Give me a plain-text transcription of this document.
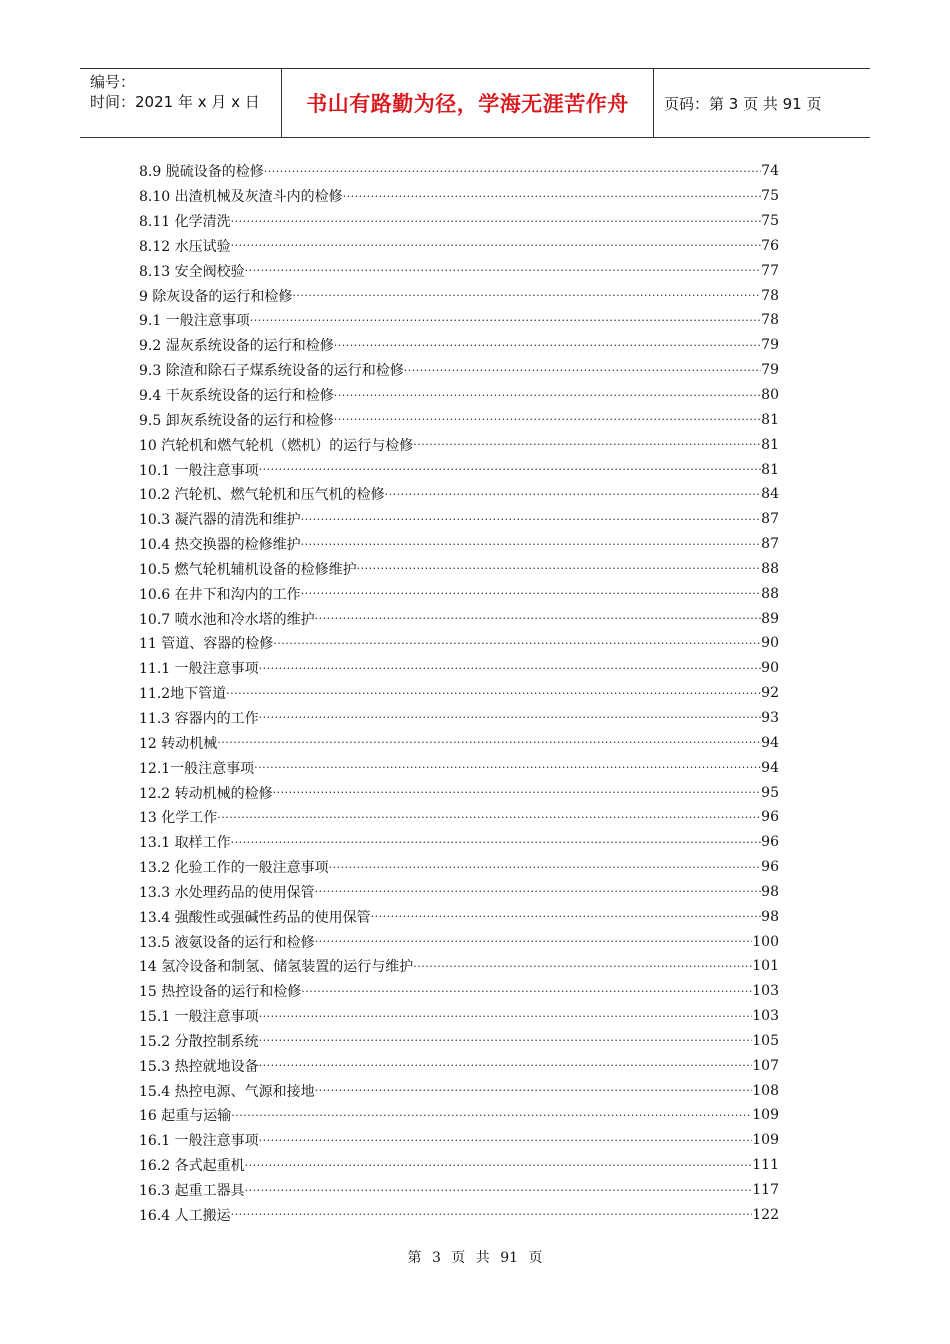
编号：
时间：2021 年 x 月 x 日	书山有路勤为径，学海无涯苦作舟	页码：第 3 页 共 91 页
8.9 脱硫设备的检修 ·····	74
8.10 出渣机械及灰渣斗内的检修 ·····	75
8.11 化学清洗 ·····	75
8.12 水压试验 ·····	76
8.13 安全阀校验 ·····	77
9 除灰设备的运行和检修 ·····	78
9.1 一般注意事项 ·····	78
9.2 湿灰系统设备的运行和检修 ·····	79
9.3 除渣和除石子煤系统设备的运行和检修 ·····	79
9.4 干灰系统设备的运行和检修 ·····	80
9.5 卸灰系统设备的运行和检修 ·····	81
10 汽轮机和燃气轮机（燃机）的运行与检修 ·····	81
10.1 一般注意事项 ·····	81
10.2 汽轮机、燃气轮机和压气机的检修 ·····	84
10.3 凝汽器的清洗和维护 ·····	87
10.4 热交换器的检修维护 ·····	87
10.5 燃气轮机辅机设备的检修维护 ·····	88
10.6 在井下和沟内的工作 ·····	88
10.7 喷水池和冷水塔的维护 ·····	89
11 管道、容器的检修 ·····	90
11.1 一般注意事项 ·····	90
11.2地下管道 ·····	92
11.3 容器内的工作 ·····	93
12 转动机械 ·····	94
12.1一般注意事项 ·····	94
12.2 转动机械的检修 ·····	95
13 化学工作 ·····	96
13.1 取样工作 ·····	96
13.2 化验工作的一般注意事项 ·····	96
13.3 水处理药品的使用保管 ·····	98
13.4 强酸性或强碱性药品的使用保管 ·····	98
13.5 液氨设备的运行和检修 ·····	100
14 氢冷设备和制氢、储氢装置的运行与维护 ·····	101
15 热控设备的运行和检修 ·····	103
15.1 一般注意事项 ·····	103
15.2 分散控制系统 ·····	105
15.3 热控就地设备 ·····	107
15.4 热控电源、气源和接地 ·····	108
16 起重与运输 ·····	109
16.1 一般注意事项 ·····	109
16.2 各式起重机 ·····	111
16.3 起重工器具 ·····	117
16.4 人工搬运 ·····	122
第 3 页 共 91 页
